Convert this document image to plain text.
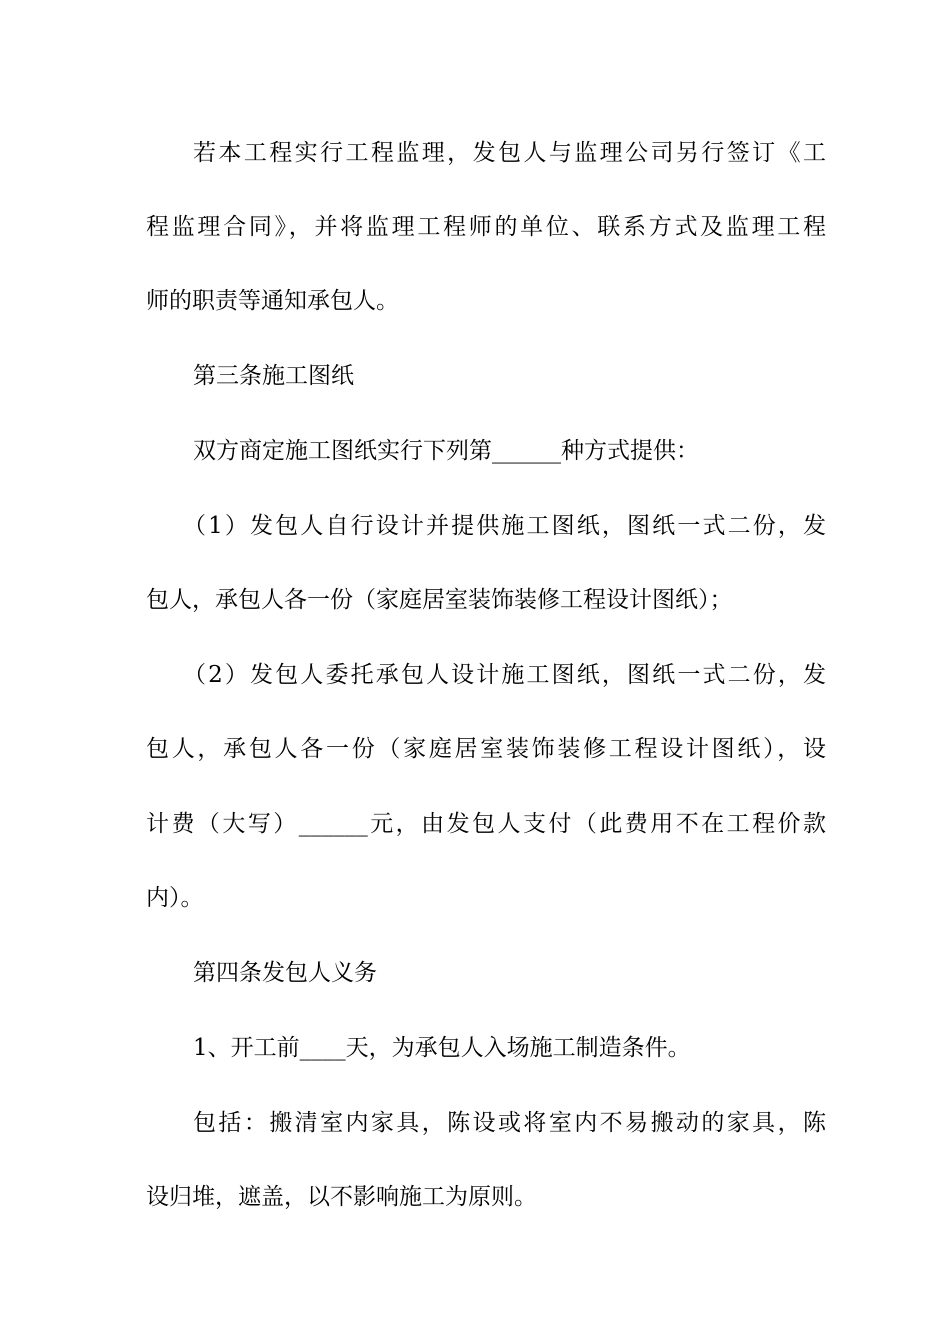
若本工程实行工程监理，发包人与监理公司另行签订《工
程监理合同》，并将监理工程师的单位、联系方式及监理工程
师的职责等通知承包人。
第三条施工图纸
双方商定施工图纸实行下列第______种方式提供：
（1）发包人自行设计并提供施工图纸，图纸一式二份，发
包人，承包人各一份（家庭居室装饰装修工程设计图纸）；
（2）发包人委托承包人设计施工图纸，图纸一式二份，发
包人，承包人各一份（家庭居室装饰装修工程设计图纸），设
计费（大写）______元，由发包人支付（此费用不在工程价款
内）。
第四条发包人义务
1、开工前____天，为承包人入场施工制造条件。
包括：搬清室内家具，陈设或将室内不易搬动的家具，陈
设归堆，遮盖，以不影响施工为原则。
